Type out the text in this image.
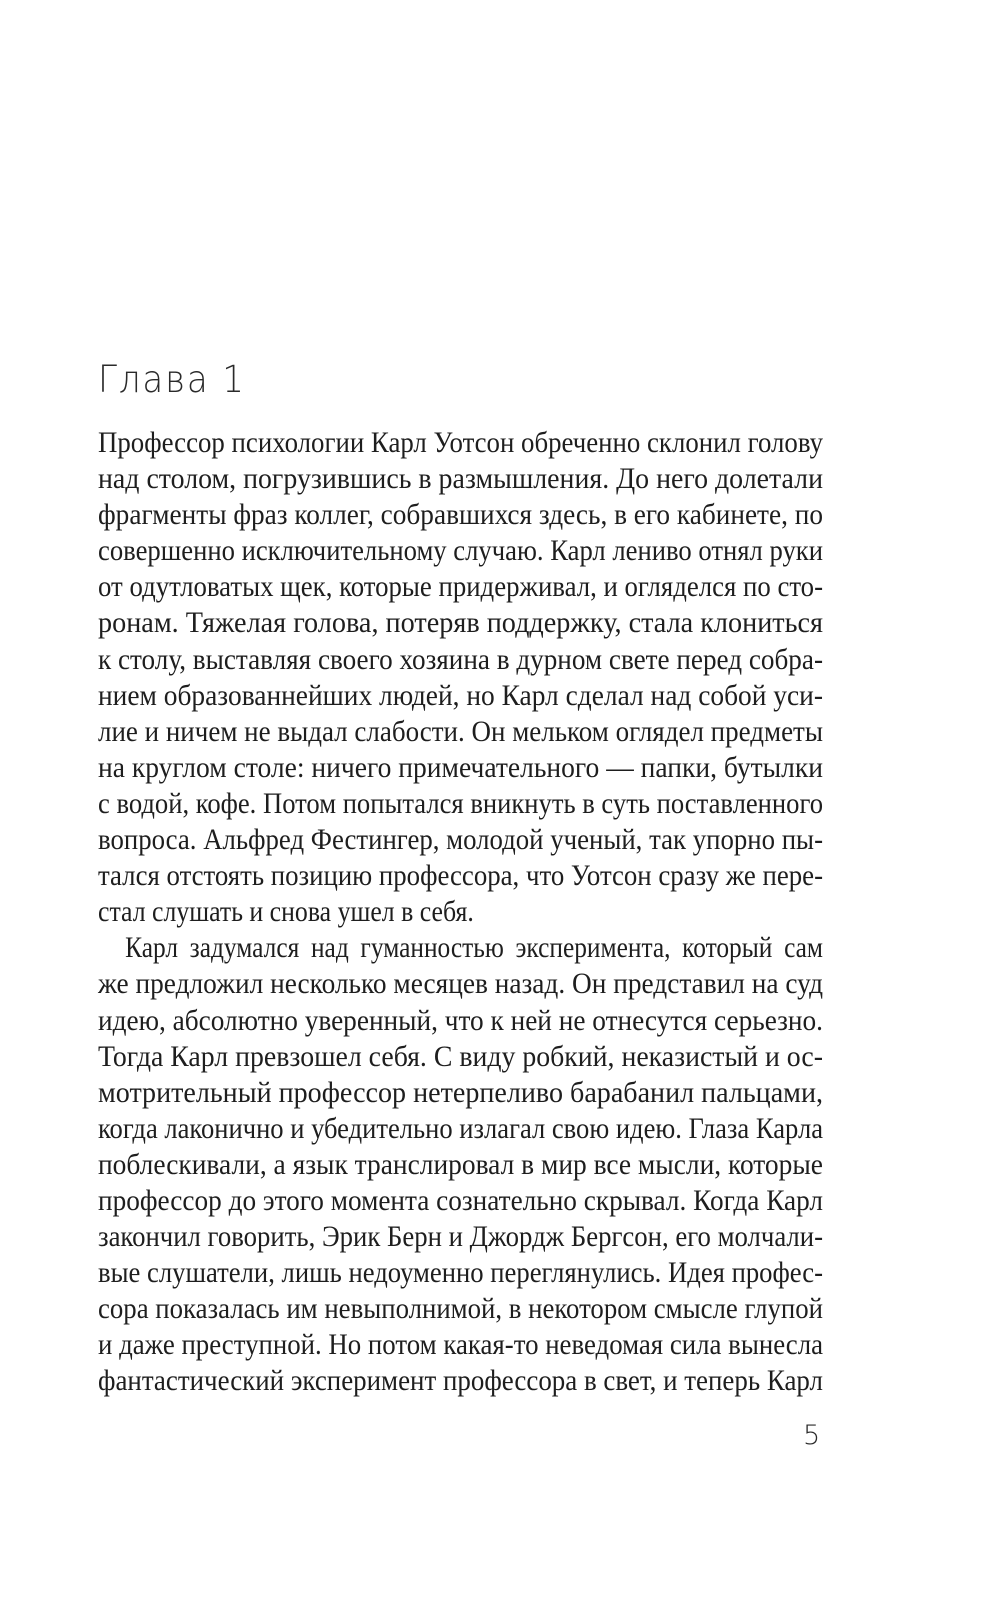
Глава 1
Профессор психологии Карл Уотсон обреченно склонил голову
над столом, погрузившись в размышления. До него долетали
фрагменты фраз коллег, собравшихся здесь, в его кабинете, по
совершенно исключительному случаю. Карл лениво отнял руки
от одутловатых щек, которые придерживал, и огляделся по сто-
ронам. Тяжелая голова, потеряв поддержку, стала клониться
к столу, выставляя своего хозяина в дурном свете перед собра-
нием образованнейших людей, но Карл сделал над собой уси-
лие и ничем не выдал слабости. Он мельком оглядел предметы
на круглом столе: ничего примечательного — папки, бутылки
с водой, кофе. Потом попытался вникнуть в суть поставленного
вопроса. Альфред Фестингер, молодой ученый, так упорно пы-
тался отстоять позицию профессора, что Уотсон сразу же пере-
стал слушать и снова ушел в себя.
Карл задумался над гуманностью эксперимента, который сам
же предложил несколько месяцев назад. Он представил на суд
идею, абсолютно уверенный, что к ней не отнесутся серьезно.
Тогда Карл превзошел себя. С виду робкий, неказистый и ос-
мотрительный профессор нетерпеливо барабанил пальцами,
когда лаконично и убедительно излагал свою идею. Глаза Карла
поблескивали, а язык транслировал в мир все мысли, которые
профессор до этого момента сознательно скрывал. Когда Карл
закончил говорить, Эрик Берн и Джордж Бергсон, его молчали-
вые слушатели, лишь недоуменно переглянулись. Идея профес-
сора показалась им невыполнимой, в некотором смысле глупой
и даже преступной. Но потом какая-то неведомая сила вынесла
фантастический эксперимент профессора в свет, и теперь Карл
5
